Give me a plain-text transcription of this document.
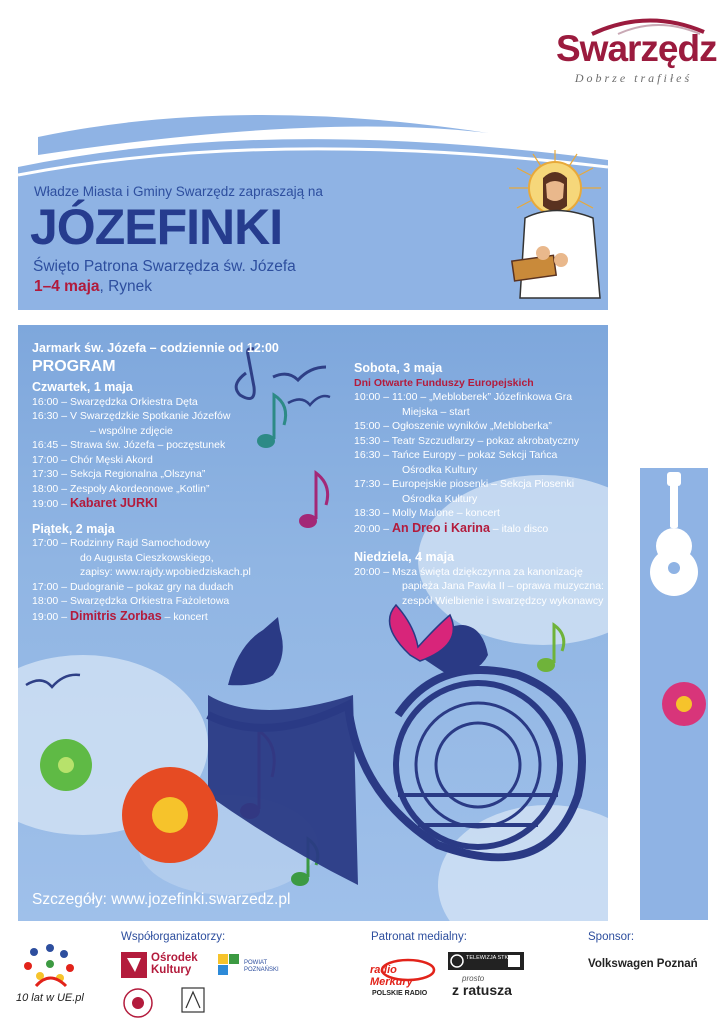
Swarzędz
Dobrze trafiłeś
Władze Miasta i Gminy Swarzędz zapraszają na
JÓZEFINKI
Święto Patrona Swarzędza św. Józefa
1–4 maja, Rynek
Jarmark św. Józefa – codziennie od 12:00
PROGRAM
Czwartek, 1 maja
16:00 – Swarzędzka Orkiestra Dęta
16:30 – V Swarzędzkie Spotkanie Józefów
– wspólne zdjęcie
16:45 – Strawa św. Józefa – poczęstunek
17:00 – Chór Męski Akord
17:30 – Sekcja Regionalna „Olszyna”
18:00 – Zespoły Akordeonowe „Kotlin”
19:00 – Kabaret JURKI
Piątek, 2 maja
17:00 – Rodzinny Rajd Samochodowy
do Augusta Cieszkowskiego,
zapisy: www.rajdy.wpobiedziskach.pl
17:00 – Dudogranie – pokaz gry na dudach
18:00 – Swarzędzka Orkiestra Fażoletowa
19:00 – Dimitris Zorbas – koncert
Sobota, 3 maja
Dni Otwarte Funduszy Europejskich
10:00 – 11:00 – „Mebloberek” Józefinkowa Gra
Miejska – start
15:00 – Ogłoszenie wyników „Mebloberka”
15:30 – Teatr Szczudlarzy – pokaz akrobatyczny
16:30 – Tańce Europy – pokaz Sekcji Tańca
Ośrodka Kultury
17:30 – Europejskie piosenki – Sekcja Piosenki
Ośrodka Kultury
18:30 – Molly Malone – koncert
20:00 – An Dreo i Karina – italo disco
Niedziela, 4 maja
20:00 – Msza święta dziękczynna za kanonizację
papieża Jana Pawła II – oprawa muzyczna:
zespół Wielbienie i swarzędzcy wykonawcy
Szczegóły: www.jozefinki.swarzedz.pl
Współorganizatorzy:	Patronat medialny:	Sponsor:
10 lat w UE.pl
Ośrodek Kultury
POWIAT POZNAŃSKI	radio Merkury
POLSKIE RADIO
TELEWIZJA STK
prosto
z ratusza
Volkswagen Poznań
